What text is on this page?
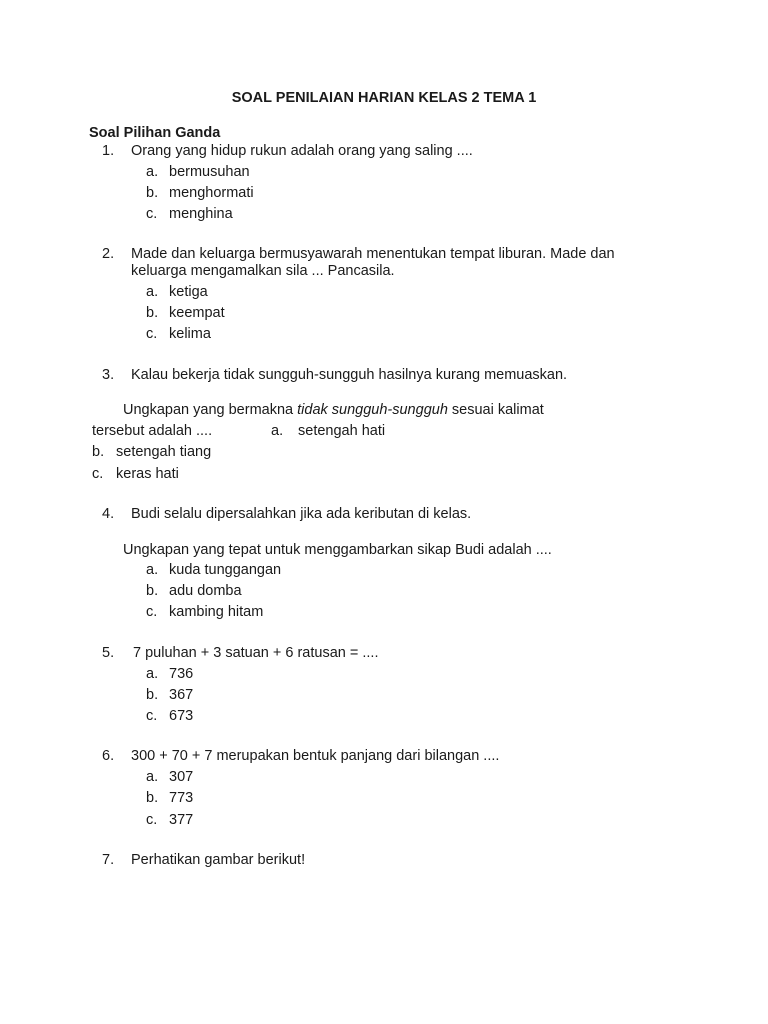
SOAL PENILAIAN HARIAN KELAS 2 TEMA 1
Soal Pilihan Ganda
1. Orang yang hidup rukun adalah orang yang saling ....
a. bermusuhan
b. menghormati
c. menghina
2. Made dan keluarga bermusyawarah menentukan tempat liburan. Made dan
keluarga mengamalkan sila ... Pancasila.
a. ketiga
b. keempat
c. kelima
3. Kalau bekerja tidak sungguh-sungguh hasilnya kurang memuaskan.
Ungkapan yang bermakna tidak sungguh-sungguh sesuai kalimat
tersebut adalah ....	a. setengah hati
b. setengah tiang
c. keras hati
4. Budi selalu dipersalahkan jika ada keributan di kelas.
Ungkapan yang tepat untuk menggambarkan sikap Budi adalah ....
a. kuda tunggangan
b. adu domba
c. kambing hitam
5. 7 puluhan + 3 satuan + 6 ratusan = ....
a. 736
b. 367
c. 673
6. 300 + 70 + 7 merupakan bentuk panjang dari bilangan ....
a. 307
b. 773
c. 377
7. Perhatikan gambar berikut!
